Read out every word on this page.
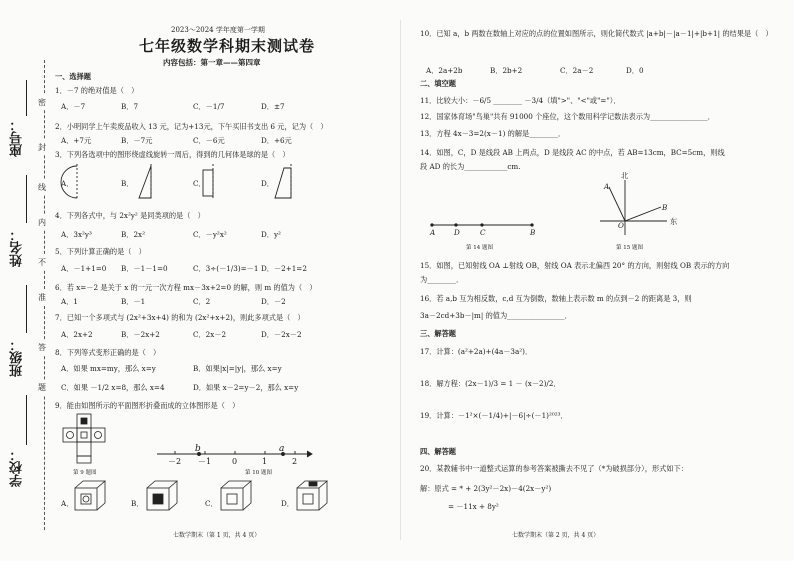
座号：
姓名：
班级：
学校：
密
封
线
内
不
准
答
题
2023～2024 学年度第一学期
七年级数学科期末测试卷
内容包括：第一章——第四章
一、选择题
1．－7 的绝对值是（　）
A．－7	B．7	C．－1/7	D．±7
2．小明同学上午卖废品收入 13 元，记为+13元，下午买旧书支出 6 元，记为（　）
A．+7元	B．－7元	C．－6元	D．+6元
3．下列各选项中的图形绕虚线旋转一周后，得到的几何体是球的是（　）
A．	B．	C．	D．
4．下列各式中，与 2x²y² 是同类项的是（　）
A．3x²y³	B．2x²	C．－y²x²	D．y²
5．下列计算正确的是（　）
A．－1+1=0 B．－1－1=0	C．3÷(－1/3)=－1 D．－2+1=2
6．若 x=－2 是关于 x 的一元一次方程 mx－3x+2=0 的解，则 m 的值为（　）
A．1	B．－1	C．2	D．－2
7．已知一个多项式与 (2x²+3x+4) 的和为 (2x²+x+2)，则此多项式是（　）
A．2x+2	B．－2x+2	C．2x－2	D．－2x－2
8．下列等式变形正确的是（　）
A．如果 mx=my，那么 x=y	B．如果|x|=|y|，那么 x=y
C．如果 －1/2 x=8，那么 x=4	D．如果 x－2=y－2，那么 x=y
9．能由如图所示的平面图形折叠而成的立体图形是（　）
第 9 题图
b	a
－2 －1	0	1	2
第 10 题图
A．	B．	C．	D．
七数学期末（第 1 页，共 4 页）
10．已知 a，b 两数在数轴上对应的点的位置如图所示，则化简代数式 |a+b|－|a－1|+|b+1| 的结果是（　）
A．2a+2b	B．2b+2	C．2a－2	D．0
二、填空题
11．比较大小：－6/5 ________ －3/4（填">"、"<"或"="）．
12．国家体育场"鸟巢"共有 91000 个座位，这个数用科学记数法表示为________________．
13．方程 4x－3=2(x－1) 的解是________．
14．如图，C，D 是线段 AB 上两点，D 是线段 AC 的中点，若 AB=13cm，BC=5cm，则线
段 AD 的长为____________cm.
A	D	C	B
第 14 题图
北
东
A
B
O
第 15 题图
15．如图，已知射线 OA ⊥射线 OB，射线 OA 表示北偏西 20° 的方向，则射线 OB 表示的方向
为________．
16．若 a,b 互为相反数，c,d 互为倒数，数轴上表示数 m 的点到－2 的距离是 3，则
3a－2cd+3b－|m| 的值为________________．
三、解答题
17．计算：(a²+2a)+(4a－3a²)．
18．解方程：(2x－1)/3 = 1 － (x－2)/2．
19．计算：－1²×(－1/4)+|－6|÷(－1)²⁰²³．
四、解答题
20．某教辅书中一道整式运算的参考答案被撕去不见了（*为破损部分），形式如下：
解：原式 = * + 2(3y²－2x)－4(2x－y²)
= －11x + 8y²
七数学期末（第 2 页，共 4 页）
